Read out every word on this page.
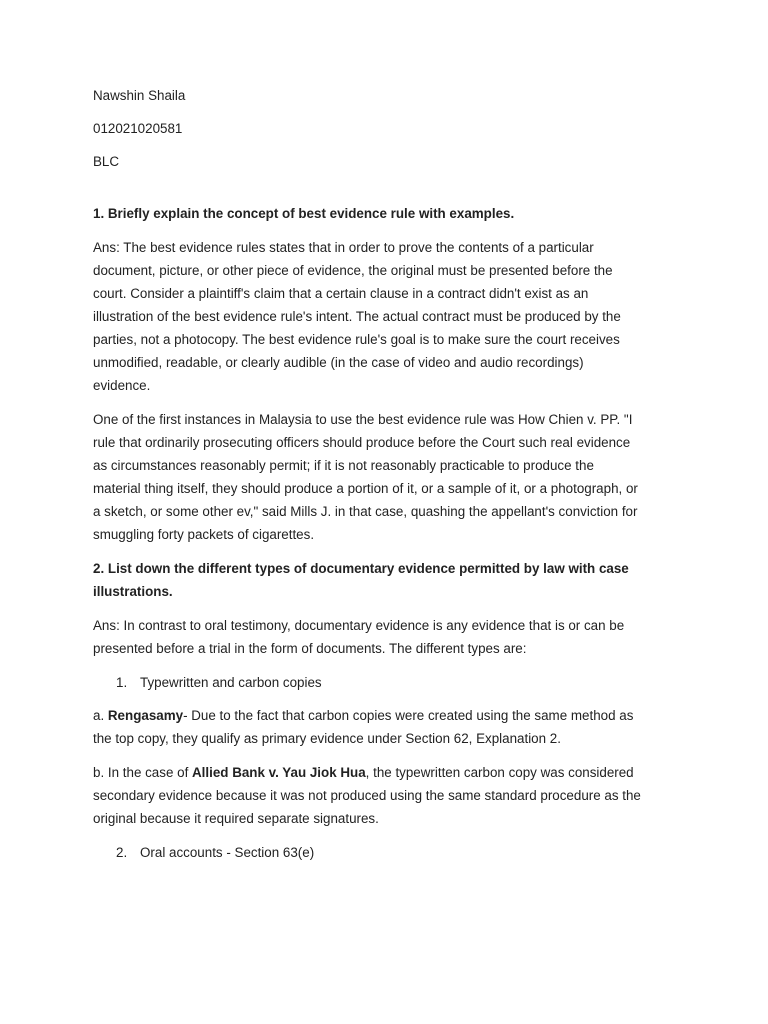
Nawshin Shaila

012021020581

BLC

1. Briefly explain the concept of best evidence rule with examples.

Ans: The best evidence rules states that in order to prove the contents of a particular
document, picture, or other piece of evidence, the original must be presented before the
court. Consider a plaintiff's claim that a certain clause in a contract didn't exist as an
illustration of the best evidence rule's intent. The actual contract must be produced by the
parties, not a photocopy. The best evidence rule's goal is to make sure the court receives
unmodified, readable, or clearly audible (in the case of video and audio recordings)
evidence.
One of the first instances in Malaysia to use the best evidence rule was How Chien v. PP. "I
rule that ordinarily prosecuting officers should produce before the Court such real evidence
as circumstances reasonably permit; if it is not reasonably practicable to produce the
material thing itself, they should produce a portion of it, or a sample of it, or a photograph, or
a sketch, or some other ev," said Mills J. in that case, quashing the appellant's conviction for
smuggling forty packets of cigarettes.
2. List down the different types of documentary evidence permitted by law with case
illustrations.
Ans: In contrast to oral testimony, documentary evidence is any evidence that is or can be
presented before a trial in the form of documents. The different types are:
1. Typewritten and carbon copies
a. Rengasamy- Due to the fact that carbon copies were created using the same method as
the top copy, they qualify as primary evidence under Section 62, Explanation 2.
b. In the case of Allied Bank v. Yau Jiok Hua, the typewritten carbon copy was considered
secondary evidence because it was not produced using the same standard procedure as the
original because it required separate signatures.
2. Oral accounts - Section 63(e)
